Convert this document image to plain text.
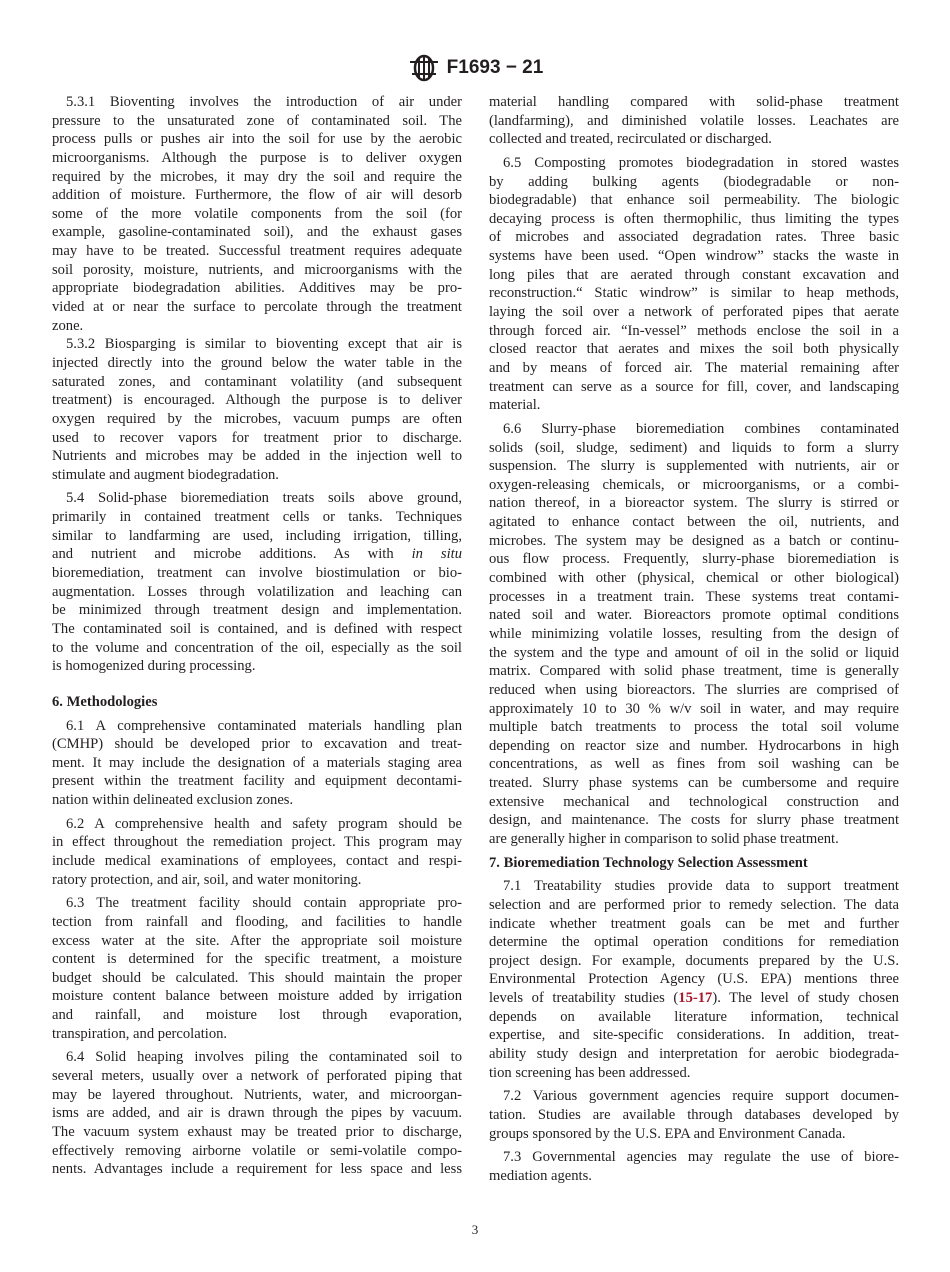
F1693 − 21
5.3.1 Bioventing involves the introduction of air under
pressure to the unsaturated zone of contaminated soil. The
process pulls or pushes air into the soil for use by the aerobic
microorganisms. Although the purpose is to deliver oxygen
required by the microbes, it may dry the soil and require the
addition of moisture. Furthermore, the flow of air will desorb
some of the more volatile components from the soil (for
example, gasoline-contaminated soil), and the exhaust gases
may have to be treated. Successful treatment requires adequate
soil porosity, moisture, nutrients, and microorganisms with the
appropriate biodegradation abilities. Additives may be pro-
vided at or near the surface to percolate through the treatment
zone.
5.3.2 Biosparging is similar to bioventing except that air is
injected directly into the ground below the water table in the
saturated zones, and contaminant volatility (and subsequent
treatment) is encouraged. Although the purpose is to deliver
oxygen required by the microbes, vacuum pumps are often
used to recover vapors for treatment prior to discharge.
Nutrients and microbes may be added in the injection well to
stimulate and augment biodegradation.
5.4 Solid-phase bioremediation treats soils above ground,
primarily in contained treatment cells or tanks. Techniques
similar to landfarming are used, including irrigation, tilling,
and nutrient and microbe additions. As with in situ
bioremediation, treatment can involve biostimulation or bio-
augmentation. Losses through volatilization and leaching can
be minimized through treatment design and implementation.
The contaminated soil is contained, and is defined with respect
to the volume and concentration of the oil, especially as the soil
is homogenized during processing.
6. Methodologies
6.1 A comprehensive contaminated materials handling plan
(CMHP) should be developed prior to excavation and treat-
ment. It may include the designation of a materials staging area
present within the treatment facility and equipment decontami-
nation within delineated exclusion zones.
6.2 A comprehensive health and safety program should be
in effect throughout the remediation project. This program may
include medical examinations of employees, contact and respi-
ratory protection, and air, soil, and water monitoring.
6.3 The treatment facility should contain appropriate pro-
tection from rainfall and flooding, and facilities to handle
excess water at the site. After the appropriate soil moisture
content is determined for the specific treatment, a moisture
budget should be calculated. This should maintain the proper
moisture content balance between moisture added by irrigation
and rainfall, and moisture lost through evaporation,
transpiration, and percolation.
6.4 Solid heaping involves piling the contaminated soil to
several meters, usually over a network of perforated piping that
may be layered throughout. Nutrients, water, and microorgan-
isms are added, and air is drawn through the pipes by vacuum.
The vacuum system exhaust may be treated prior to discharge,
effectively removing airborne volatile or semi-volatile compo-
nents. Advantages include a requirement for less space and less
material handling compared with solid-phase treatment
(landfarming), and diminished volatile losses. Leachates are
collected and treated, recirculated or discharged.
6.5 Composting promotes biodegradation in stored wastes
by adding bulking agents (biodegradable or non-
biodegradable) that enhance soil permeability. The biologic
decaying process is often thermophilic, thus limiting the types
of microbes and associated degradation rates. Three basic
systems have been used. “Open windrow” stacks the waste in
long piles that are aerated through constant excavation and
reconstruction.“ Static windrow” is similar to heap methods,
laying the soil over a network of perforated pipes that aerate
through forced air. “In-vessel” methods enclose the soil in a
closed reactor that aerates and mixes the soil both physically
and by means of forced air. The material remaining after
treatment can serve as a source for fill, cover, and landscaping
material.
6.6 Slurry-phase bioremediation combines contaminated
solids (soil, sludge, sediment) and liquids to form a slurry
suspension. The slurry is supplemented with nutrients, air or
oxygen-releasing chemicals, or microorganisms, or a combi-
nation thereof, in a bioreactor system. The slurry is stirred or
agitated to enhance contact between the oil, nutrients, and
microbes. The system may be designed as a batch or continu-
ous flow process. Frequently, slurry-phase bioremediation is
combined with other (physical, chemical or other biological)
processes in a treatment train. These systems treat contami-
nated soil and water. Bioreactors promote optimal conditions
while minimizing volatile losses, resulting from the design of
the system and the type and amount of oil in the solid or liquid
matrix. Compared with solid phase treatment, time is generally
reduced when using bioreactors. The slurries are comprised of
approximately 10 to 30 % w/v soil in water, and may require
multiple batch treatments to process the total soil volume
depending on reactor size and number. Hydrocarbons in high
concentrations, as well as fines from soil washing can be
treated. Slurry phase systems can be cumbersome and require
extensive mechanical and technological construction and
design, and maintenance. The costs for slurry phase treatment
are generally higher in comparison to solid phase treatment.
7. Bioremediation Technology Selection Assessment
7.1 Treatability studies provide data to support treatment
selection and are performed prior to remedy selection. The data
indicate whether treatment goals can be met and further
determine the optimal operation conditions for remediation
project design. For example, documents prepared by the U.S.
Environmental Protection Agency (U.S. EPA) mentions three
levels of treatability studies (15-17). The level of study chosen
depends on available literature information, technical
expertise, and site-specific considerations. In addition, treat-
ability study design and interpretation for aerobic biodegrada-
tion screening has been addressed.
7.2 Various government agencies require support documen-
tation. Studies are available through databases developed by
groups sponsored by the U.S. EPA and Environment Canada.
7.3 Governmental agencies may regulate the use of biore-
mediation agents.
3
